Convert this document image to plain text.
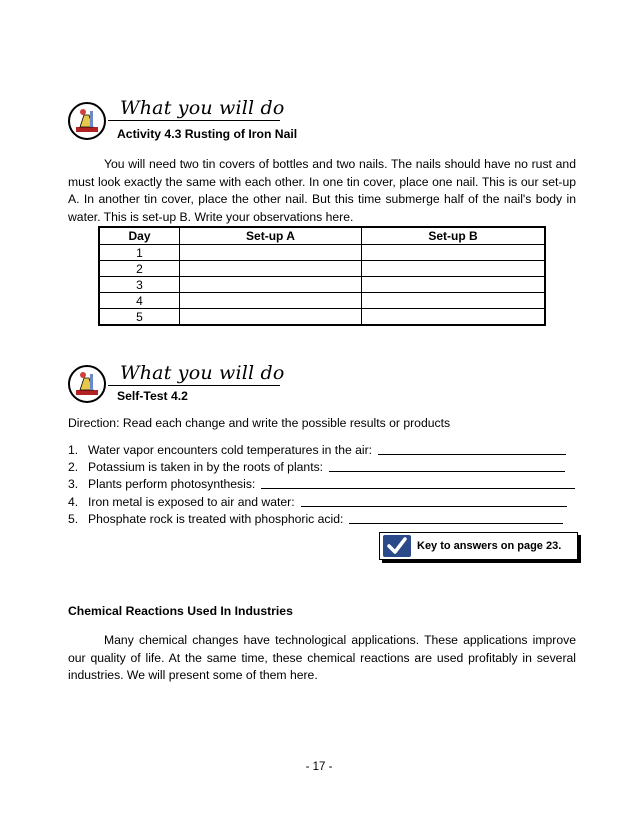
What you will do
Activity 4.3 Rusting of Iron Nail

You will need two tin covers of bottles and two nails. The nails should have no rust and must look exactly the same with each other. In one tin cover, place one nail. This is our set-up A. In another tin cover, place the other nail. But this time submerge half of the nail's body in water. This is set-up B. Write your observations here.

Day	Set-up A	Set-up B
1		
2		
3		
4		
5		
What you will do
Self-Test 4.2
Direction: Read each change and write the possible results or products
1. Water vapor encounters cold temperatures in the air:
2. Potassium is taken in by the roots of plants:
3. Plants perform photosynthesis:
4. Iron metal is exposed to air and water:
5. Phosphate rock is treated with phosphoric acid:
Key to answers on page 23.
Chemical Reactions Used In Industries

Many chemical changes have technological applications. These applications improve our quality of life. At the same time, these chemical reactions are used profitably in several industries. We will present some of them here.

- 17 -
